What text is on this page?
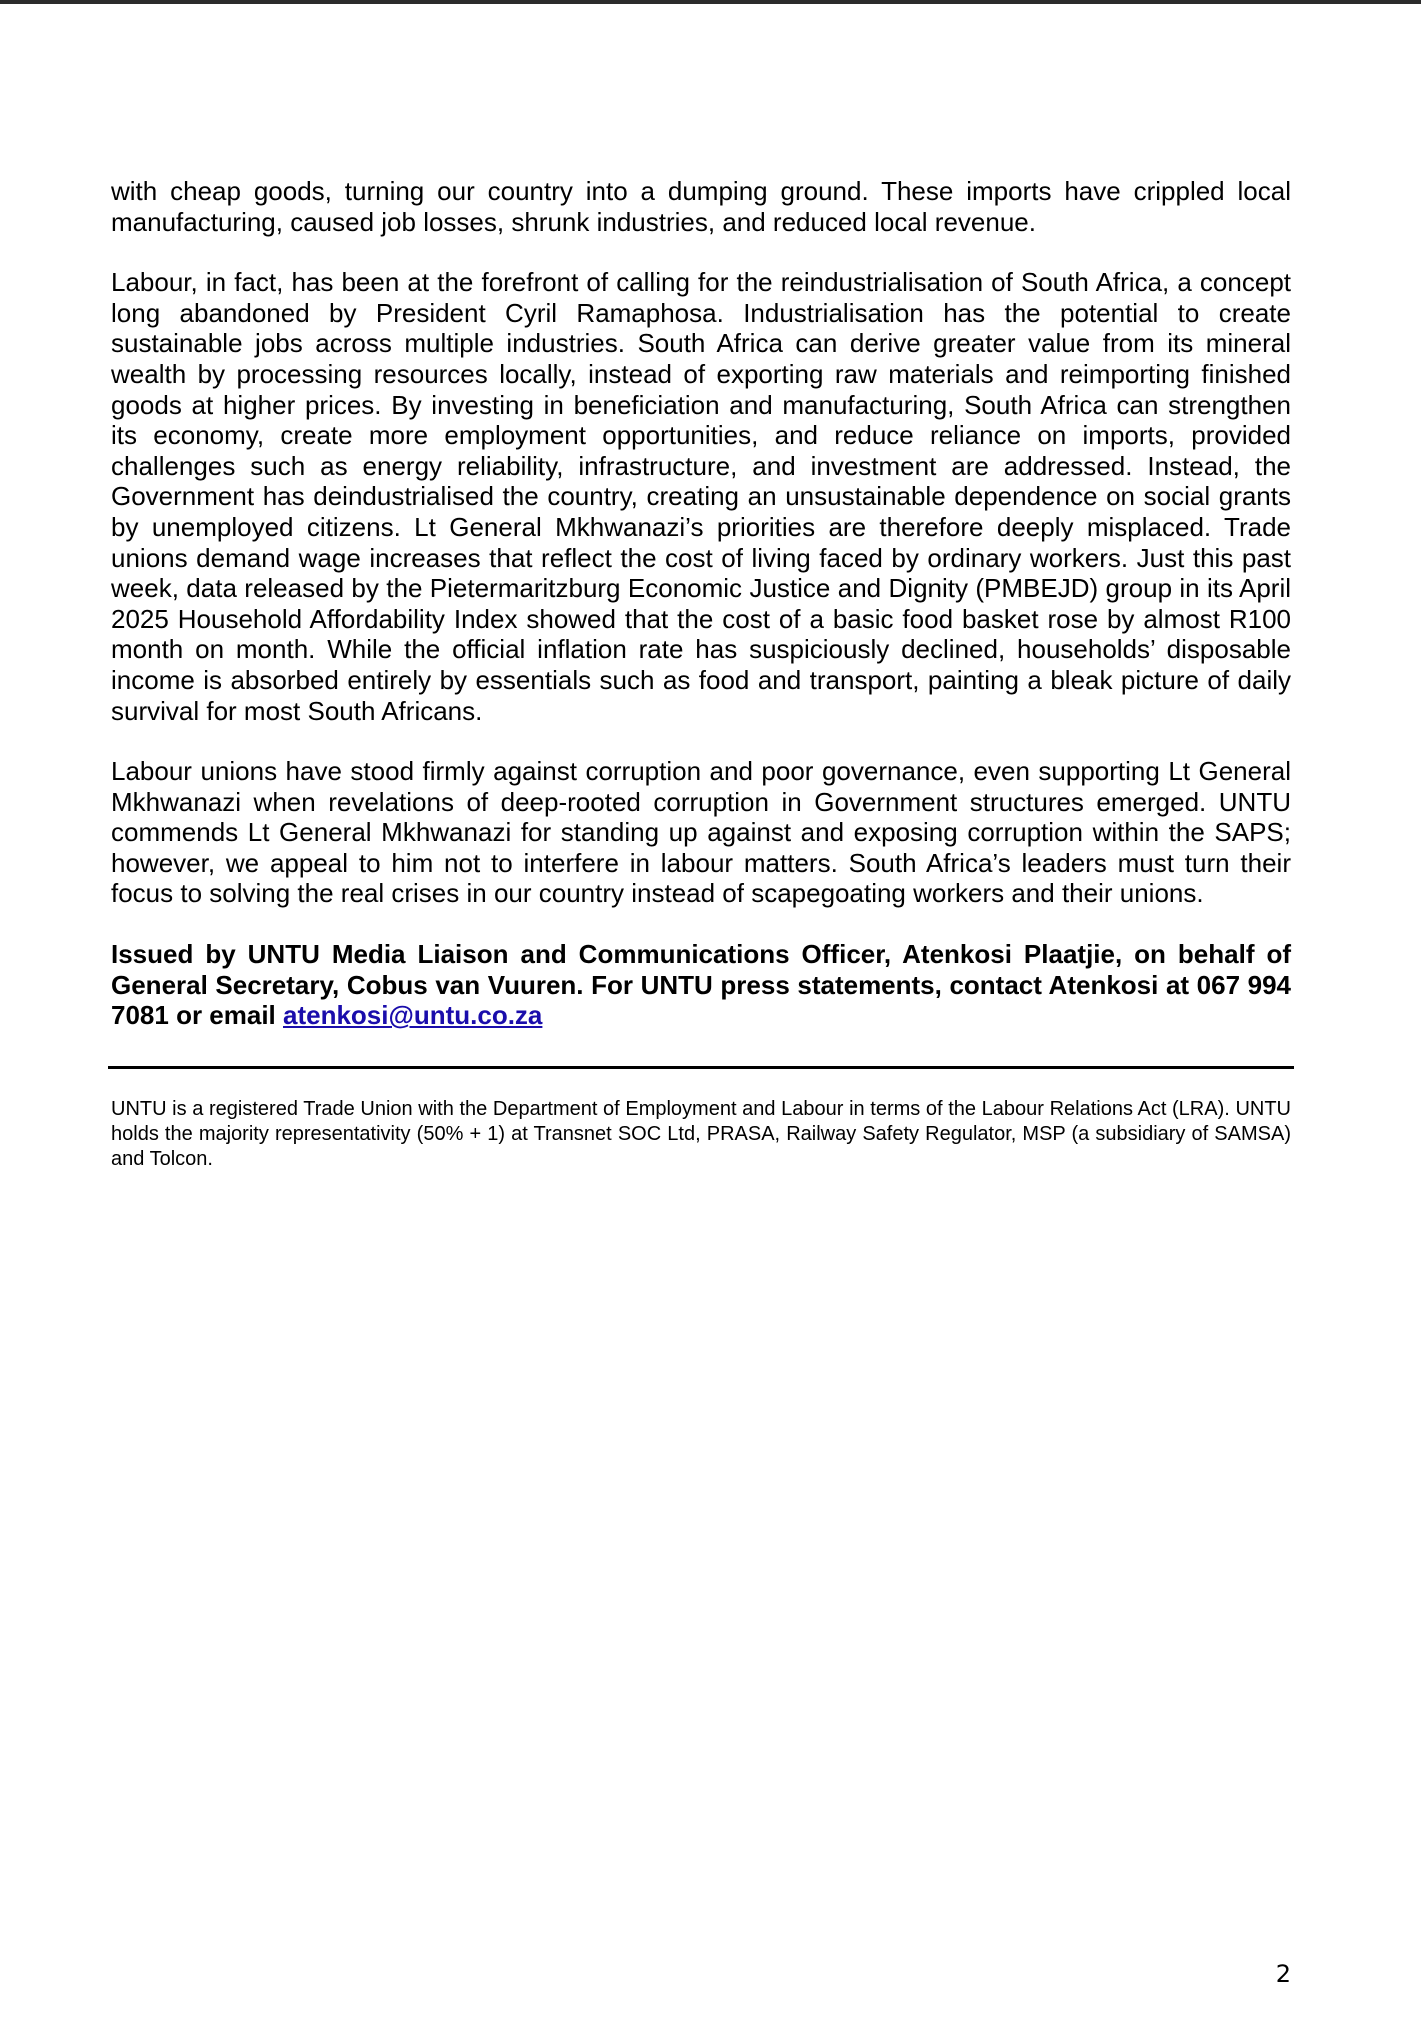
with cheap goods, turning our country into a dumping ground. These imports have crippled local manufacturing, caused job losses, shrunk industries, and reduced local revenue.

Labour, in fact, has been at the forefront of calling for the reindustrialisation of South Africa, a concept long abandoned by President Cyril Ramaphosa. Industrialisation has the potential to create sustainable jobs across multiple industries. South Africa can derive greater value from its mineral wealth by processing resources locally, instead of exporting raw materials and reimporting finished goods at higher prices. By investing in beneficiation and manufacturing, South Africa can strengthen its economy, create more employment opportunities, and reduce reliance on imports, provided challenges such as energy reliability, infrastructure, and investment are addressed. Instead, the Government has deindustrialised the country, creating an unsustainable dependence on social grants by unemployed citizens. Lt General Mkhwanazi’s priorities are therefore deeply misplaced. Trade unions demand wage increases that reflect the cost of living faced by ordinary workers. Just this past week, data released by the Pietermaritzburg Economic Justice and Dignity (PMBEJD) group in its April 2025 Household Affordability Index showed that the cost of a basic food basket rose by almost R100 month on month. While the official inflation rate has suspiciously declined, households’ disposable income is absorbed entirely by essentials such as food and transport, painting a bleak picture of daily survival for most South Africans.

Labour unions have stood firmly against corruption and poor governance, even supporting Lt General Mkhwanazi when revelations of deep-rooted corruption in Government structures emerged. UNTU commends Lt General Mkhwanazi for standing up against and exposing corruption within the SAPS; however, we appeal to him not to interfere in labour matters. South Africa’s leaders must turn their focus to solving the real crises in our country instead of scapegoating workers and their unions.

Issued by UNTU Media Liaison and Communications Officer, Atenkosi Plaatjie, on behalf of General Secretary, Cobus van Vuuren. For UNTU press statements, contact Atenkosi at 067 994 7081 or email atenkosi@untu.co.za

UNTU is a registered Trade Union with the Department of Employment and Labour in terms of the Labour Relations Act (LRA). UNTU holds the majority representativity (50% + 1) at Transnet SOC Ltd, PRASA, Railway Safety Regulator, MSP (a subsidiary of SAMSA) and Tolcon.

2
